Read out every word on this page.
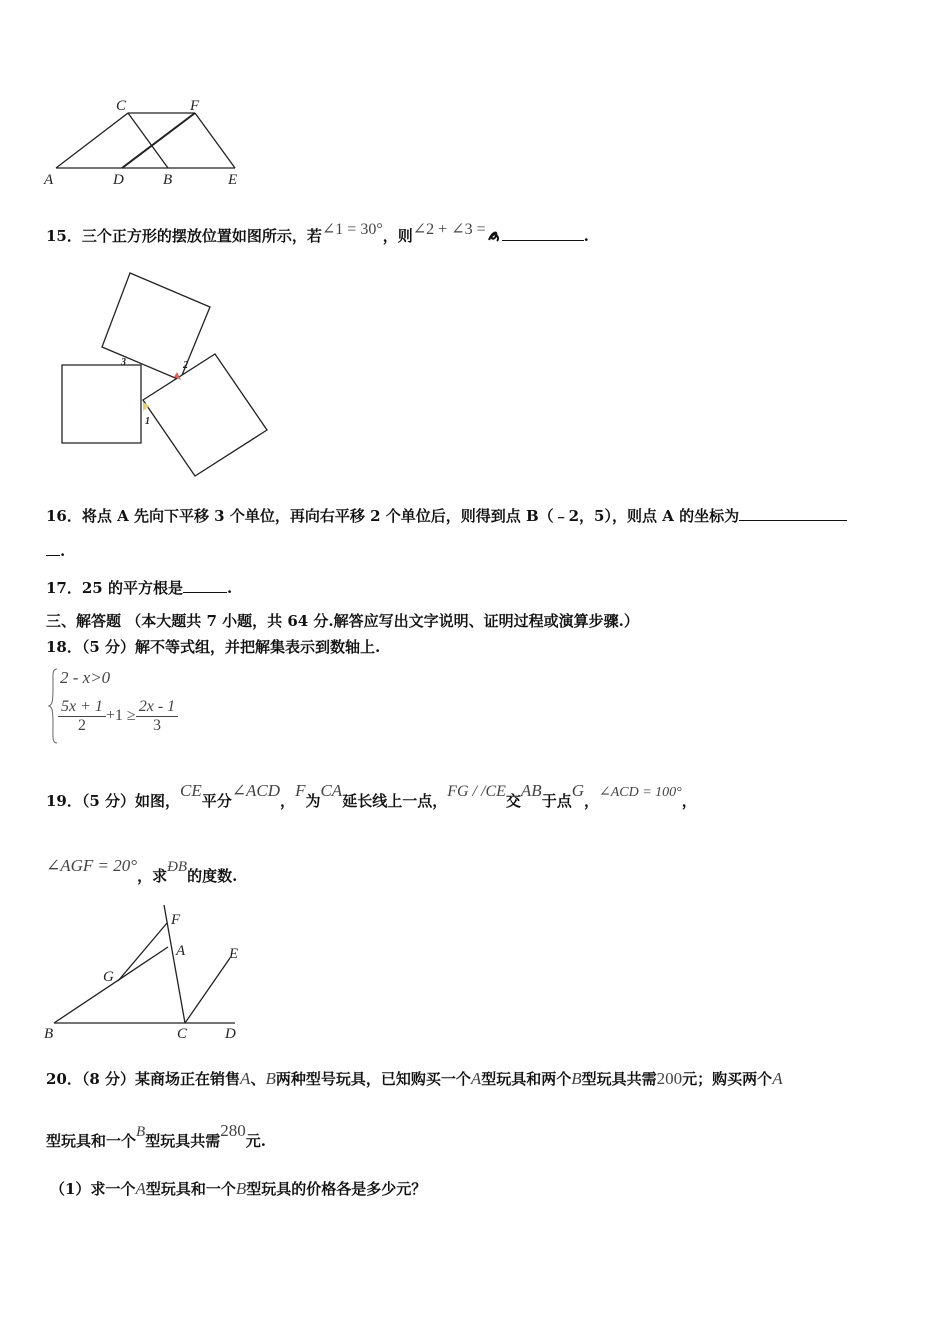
C	F
A	D	B	E
15．三个正方形的摆放位置如图所示，若∠1 = 30°，则∠2 + ∠3 =	.
3	2
1
16．将点 A 先向下平移 3 个单位，再向右平移 2 个单位后，则得到点 B（﹣2，5），则点 A 的坐标为
.
17．25 的平方根是	.
三、解答题 （本大题共 7 小题，共 64 分.解答应写出文字说明、证明过程或演算步骤.）
18．（5 分）解不等式组，并把解集表示到数轴上.
2 - x>0
$\frac{5x + 1}{2} +1 \ge \frac{2x - 1}{3}$
19．（5 分）如图，CE平分∠ACD，F为CA延长线上一点，FG / /CE交AB于点G，∠ACD = 100°，
∠AGF = 20°，求ÐB的度数.
F
A	E
G
B	C	D
20．（8 分）某商场正在销售A、B两种型号玩具，已知购买一个A型玩具和两个B型玩具共需200元；购买两个A
型玩具和一个B型玩具共需280元.
（1）求一个A型玩具和一个B型玩具的价格各是多少元？
